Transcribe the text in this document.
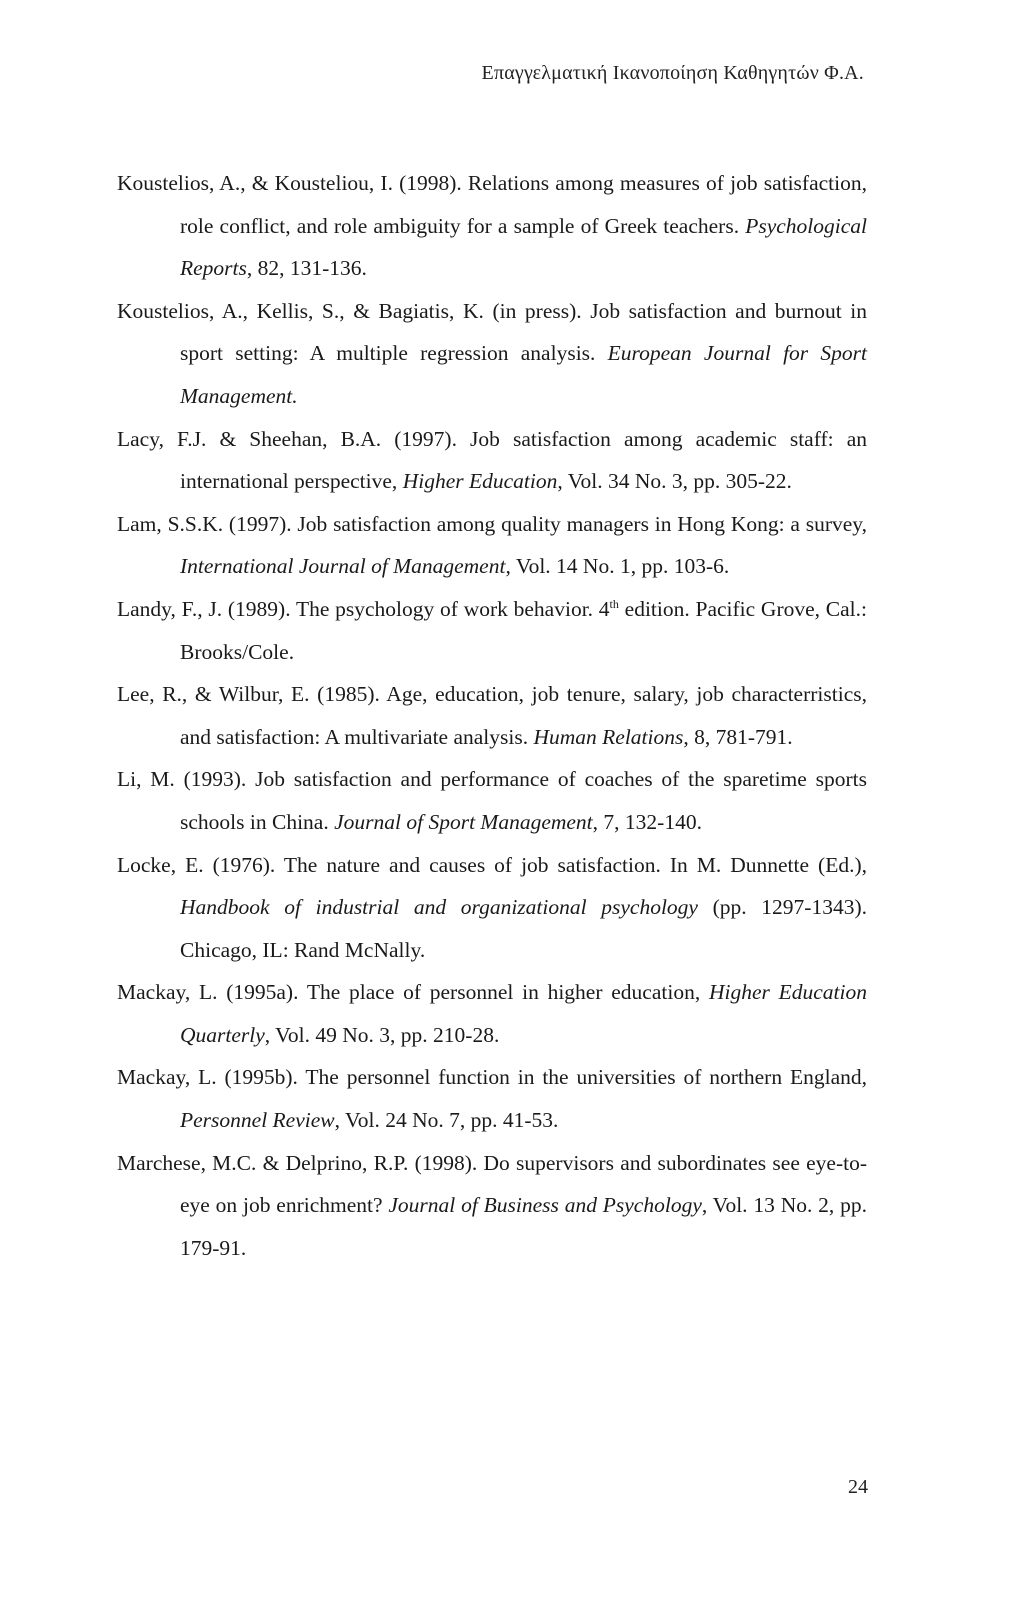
Επαγγελματική Ικανοποίηση Καθηγητών Φ.Α.
Koustelios, A., & Kousteliou, I. (1998). Relations among measures of job satisfaction, role conflict, and role ambiguity for a sample of Greek teachers. Psychological Reports, 82, 131-136.
Koustelios, A., Kellis, S., & Bagiatis, K. (in press). Job satisfaction and burnout in sport setting: A multiple regression analysis. European Journal for Sport Management.
Lacy, F.J. & Sheehan, B.A. (1997). Job satisfaction among academic staff: an international perspective, Higher Education, Vol. 34 No. 3, pp. 305-22.
Lam, S.S.K. (1997). Job satisfaction among quality managers in Hong Kong: a survey, International Journal of Management, Vol. 14 No. 1, pp. 103-6.
Landy, F., J. (1989). The psychology of work behavior. 4th edition. Pacific Grove, Cal.: Brooks/Cole.
Lee, R., & Wilbur, E. (1985). Age, education, job tenure, salary, job characterristics, and satisfaction: A multivariate analysis. Human Relations, 8, 781-791.
Li, M. (1993). Job satisfaction and performance of coaches of the sparetime sports schools in China. Journal of Sport Management, 7, 132-140.
Locke, E. (1976). The nature and causes of job satisfaction. In M. Dunnette (Ed.), Handbook of industrial and organizational psychology (pp. 1297-1343). Chicago, IL: Rand McNally.
Mackay, L. (1995a). The place of personnel in higher education, Higher Education Quarterly, Vol. 49 No. 3, pp. 210-28.
Mackay, L. (1995b). The personnel function in the universities of northern England, Personnel Review, Vol. 24 No. 7, pp. 41-53.
Marchese, M.C. & Delprino, R.P. (1998). Do supervisors and subordinates see eye-to-eye on job enrichment? Journal of Business and Psychology, Vol. 13 No. 2, pp. 179-91.
24
